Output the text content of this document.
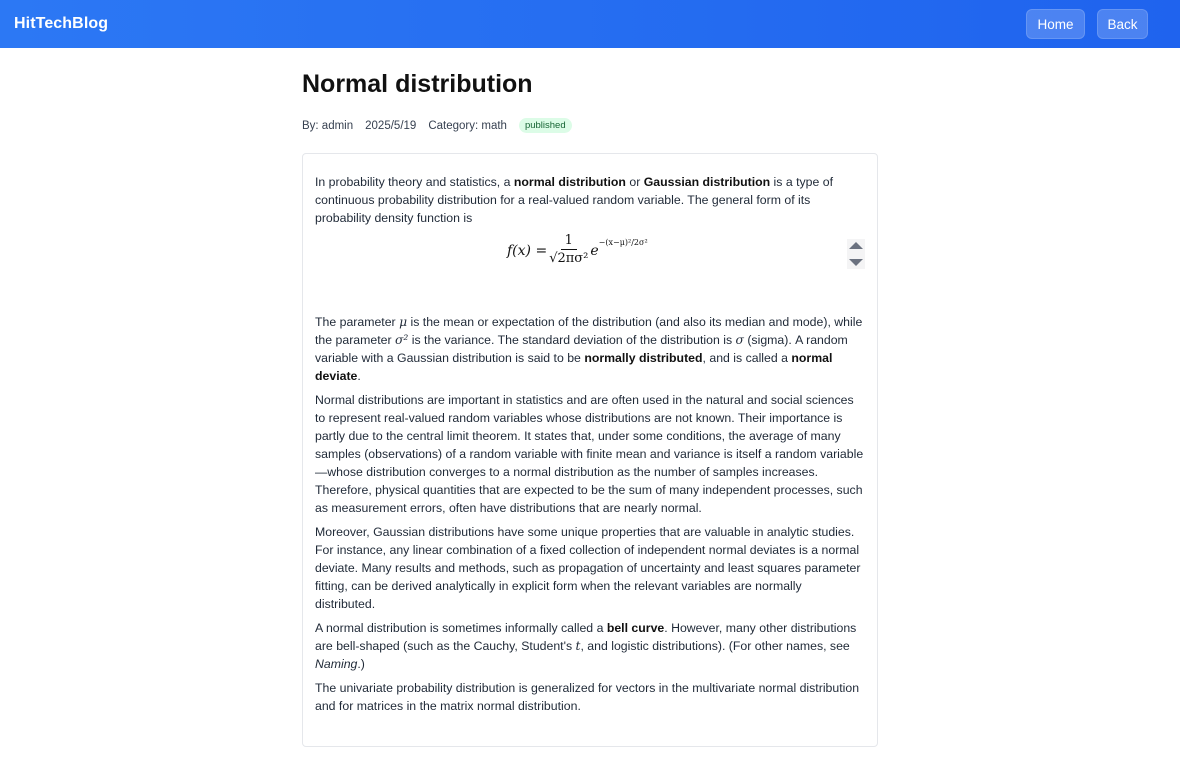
HitTechBlog	Home	Back
Normal distribution
By: admin 2025/5/19 Category: math	published

In probability theory and statistics, a normal distribution or Gaussian distribution is a type of continuous probability distribution for a real-valued random variable. The general form of its probability density function is

$f(x) = \frac{1}{\text{√2πσ²}}$ e −(x−μ)²/2σ²

The parameter μ is the mean or expectation of the distribution (and also its median and mode), while the parameter σ² is the variance. The standard deviation of the distribution is σ (sigma). A random variable with a Gaussian distribution is said to be normally distributed, and is called a normal deviate.

Normal distributions are important in statistics and are often used in the natural and social sciences to represent real-valued random variables whose distributions are not known. Their importance is partly due to the central limit theorem. It states that, under some conditions, the average of many samples (observations) of a random variable with finite mean and variance is itself a random variable—whose distribution converges to a normal distribution as the number of samples increases. Therefore, physical quantities that are expected to be the sum of many independent processes, such as measurement errors, often have distributions that are nearly normal.

Moreover, Gaussian distributions have some unique properties that are valuable in analytic studies. For instance, any linear combination of a fixed collection of independent normal deviates is a normal deviate. Many results and methods, such as propagation of uncertainty and least squares parameter fitting, can be derived analytically in explicit form when the relevant variables are normally distributed.

A normal distribution is sometimes informally called a bell curve. However, many other distributions are bell-shaped (such as the Cauchy, Student's t, and logistic distributions). (For other names, see Naming.)

The univariate probability distribution is generalized for vectors in the multivariate normal distribution and for matrices in the matrix normal distribution.
